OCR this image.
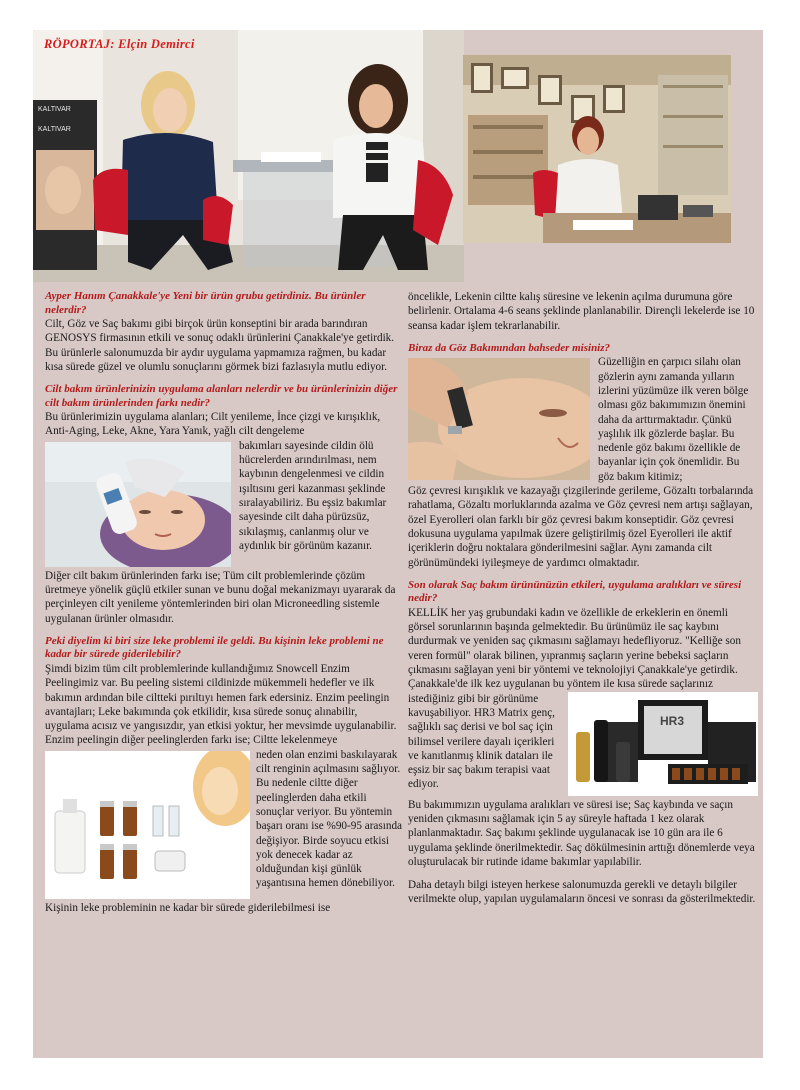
KALTIVAR
KALTIVAR
RÖPORTAJ: Elçin Demirci

Ayper Hanım Çanakkale'ye Yeni bir ürün grubu getirdiniz. Bu ürünler nelerdir?

Cilt, Göz ve Saç bakımı gibi birçok ürün konseptini bir arada barındıran GENOSYS firmasının etkili ve sonuç odaklı ürünlerini Çanakkale'ye getirdik. Bu ürünlerle salonumuzda bir aydır uygulama yapmamıza rağmen, bu kadar kısa sürede güzel ve olumlu sonuçlarını görmek bizi fazlasıyla mutlu ediyor.

Cilt bakım ürünlerinizin uygulama alanları nelerdir ve bu ürünlerinizin diğer cilt bakım ürünlerinden farkı nedir?

Bu ürünlerimizin uygulama alanları; Cilt yenileme, İnce çizgi ve kırışıklık, Anti-Aging, Leke, Akne, Yara Yanık, yağlı cilt dengeleme

bakımları sayesinde cildin ölü hücrelerden arındırılması, nem kaybının dengelenmesi ve cildin ışıltısını geri kazanması şeklinde sıralayabiliriz. Bu eşsiz bakımlar sayesinde cilt daha pürüzsüz, sıkılaşmış, canlanmış olur ve aydınlık bir görünüm kazanır.

Diğer cilt bakım ürünlerinden farkı ise; Tüm cilt problemlerinde çözüm üretmeye yönelik güçlü etkiler sunan ve bunu doğal mekanizmayı uyararak da perçinleyen cilt yenileme yöntemlerinden biri olan Microneedling sistemle uygulanan ürünler olmasıdır.

Peki diyelim ki biri size leke problemi ile geldi. Bu kişinin leke problemi ne kadar bir sürede giderilebilir?

Şimdi bizim tüm cilt problemlerinde kullandığımız Snowcell Enzim Peelingimiz var. Bu peeling sistemi cildinizde mükemmeli hedefler ve ilk bakımın ardından bile ciltteki pırıltıyı hemen fark edersiniz. Enzim peelingin avantajları; Leke bakımında çok etkilidir, kısa sürede sonuç alınabilir, uygulama acısız ve yangısızdır, yan etkisi yoktur, her mevsimde uygulanabilir.

Enzim peelingin diğer peelinglerden farkı ise; Ciltte lekelenmeye

neden olan enzimi baskılayarak cilt renginin açılmasını sağlıyor. Bu nedenle ciltte diğer peelinglerden daha etkili sonuçlar veriyor. Bu yöntemin başarı oranı ise %90-95 arasında değişiyor. Birde soyucu etkisi yok denecek kadar az olduğundan kişi günlük yaşantısına hemen dönebiliyor.

Kişinin leke probleminin ne kadar bir sürede giderilebilmesi ise

öncelikle, Lekenin ciltte kalış süresine ve lekenin açılma durumuna göre belirlenir. Ortalama 4-6 seans şeklinde planlanabilir. Dirençli lekelerde ise 10 seansa kadar işlem tekrarlanabilir.

Biraz da Göz Bakımından bahseder misiniz?

Güzelliğin en çarpıcı silahı olan gözlerin aynı zamanda yılların izlerini yüzümüze ilk veren bölge olması göz bakımımızın önemini daha da arttırmaktadır. Çünkü yaşlılık ilk gözlerde başlar. Bu nedenle göz bakımı özellikle de bayanlar için çok önemlidir. Bu göz bakım kitimiz;

Göz çevresi kırışıklık ve kazayağı çizgilerinde gerileme, Gözaltı torbalarında rahatlama, Gözaltı morluklarında azalma ve Göz çevresi nem artışı sağlayan, özel Eyerolleri olan farklı bir göz çevresi bakım konseptidir. Göz çevresi dokusuna uygulama yapılmak üzere geliştirilmiş özel Eyerolleri ile aktif içeriklerin doğru noktalara gönderilmesini sağlar. Aynı zamanda cilt görünümündeki iyileşmeye de yardımcı olmaktadır.

Son olarak Saç bakım ürününüzün etkileri, uygulama aralıkları ve süresi nedir?

KELLİK her yaş grubundaki kadın ve özellikle de erkeklerin en önemli görsel sorunlarının başında gelmektedir. Bu ürünümüz ile saç kaybını durdurmak ve yeniden saç çıkmasını sağlamayı hedefliyoruz. "Kelliğe son veren formül" olarak bilinen, yıpranmış saçların yerine bebeksi saçların çıkmasını sağlayan yeni bir yöntemi ve teknolojiyi Çanakkale'ye getirdik. Çanakkale'de ilk kez uygulanan bu yöntem ile kısa sürede saçlarınız

HR3

istediğiniz gibi bir görünüme kavuşabiliyor. HR3 Matrix genç, sağlıklı saç derisi ve bol saç için bilimsel verilere dayalı içerikleri ve kanıtlanmış klinik dataları ile eşsiz bir saç bakım terapisi vaat ediyor.

Bu bakımımızın uygulama aralıkları ve süresi ise; Saç kaybında ve saçın yeniden çıkmasını sağlamak için 5 ay süreyle haftada 1 kez olarak planlanmaktadır. Saç bakımı şeklinde uygulanacak ise 10 gün ara ile 6 uygulama şeklinde önerilmektedir. Saç dökülmesinin arttığı dönemlerde veya oluşturulacak bir rutinde idame bakımlar yapılabilir.

Daha detaylı bilgi isteyen herkese salonumuzda gerekli ve detaylı bilgiler verilmekte olup, yapılan uygulamaların öncesi ve sonrası da gösterilmektedir.
